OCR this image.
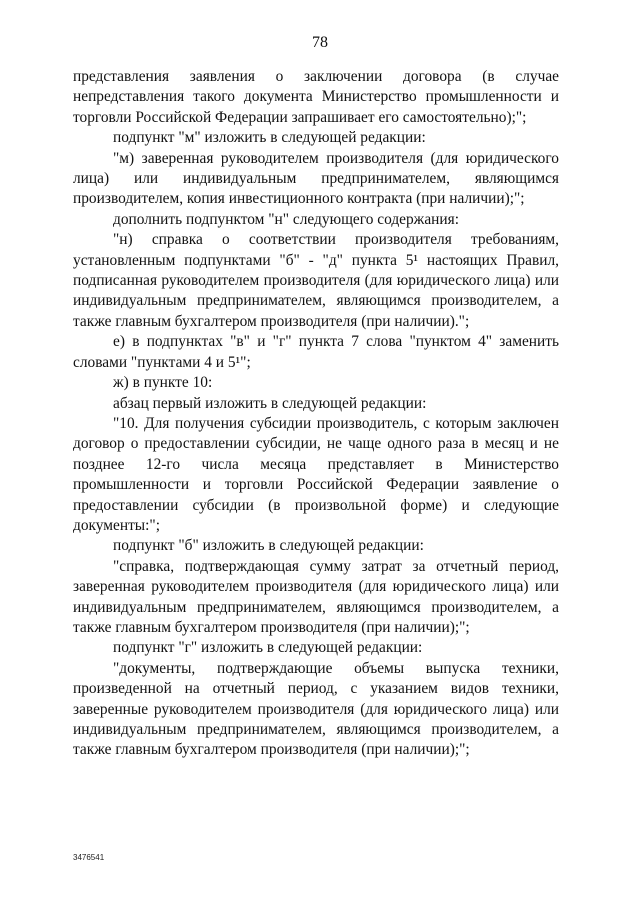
78

представления заявления о заключении договора (в случае непредставления такого документа Министерство промышленности и торговли Российской Федерации запрашивает его самостоятельно);";

подпункт "м" изложить в следующей редакции:

"м) заверенная руководителем производителя (для юридического лица) или индивидуальным предпринимателем, являющимся производителем, копия инвестиционного контракта (при наличии);";

дополнить подпунктом "н" следующего содержания:

"н) справка о соответствии производителя требованиям, установленным подпунктами "б" - "д" пункта 5¹ настоящих Правил, подписанная руководителем производителя (для юридического лица) или индивидуальным предпринимателем, являющимся производителем, а также главным бухгалтером производителя (при наличии).";

е) в подпунктах "в" и "г" пункта 7 слова "пунктом 4" заменить словами "пунктами 4 и 5¹";

ж) в пункте 10:

абзац первый изложить в следующей редакции:

"10. Для получения субсидии производитель, с которым заключен договор о предоставлении субсидии, не чаще одного раза в месяц и не позднее 12-го числа месяца представляет в Министерство промышленности и торговли Российской Федерации заявление о предоставлении субсидии (в произвольной форме) и следующие документы:";

подпункт "б" изложить в следующей редакции:

"справка, подтверждающая сумму затрат за отчетный период, заверенная руководителем производителя (для юридического лица) или индивидуальным предпринимателем, являющимся производителем, а также главным бухгалтером производителя (при наличии);";

подпункт "г" изложить в следующей редакции:

"документы, подтверждающие объемы выпуска техники, произведенной на отчетный период, с указанием видов техники, заверенные руководителем производителя (для юридического лица) или индивидуальным предпринимателем, являющимся производителем, а также главным бухгалтером производителя (при наличии);";

3476541
